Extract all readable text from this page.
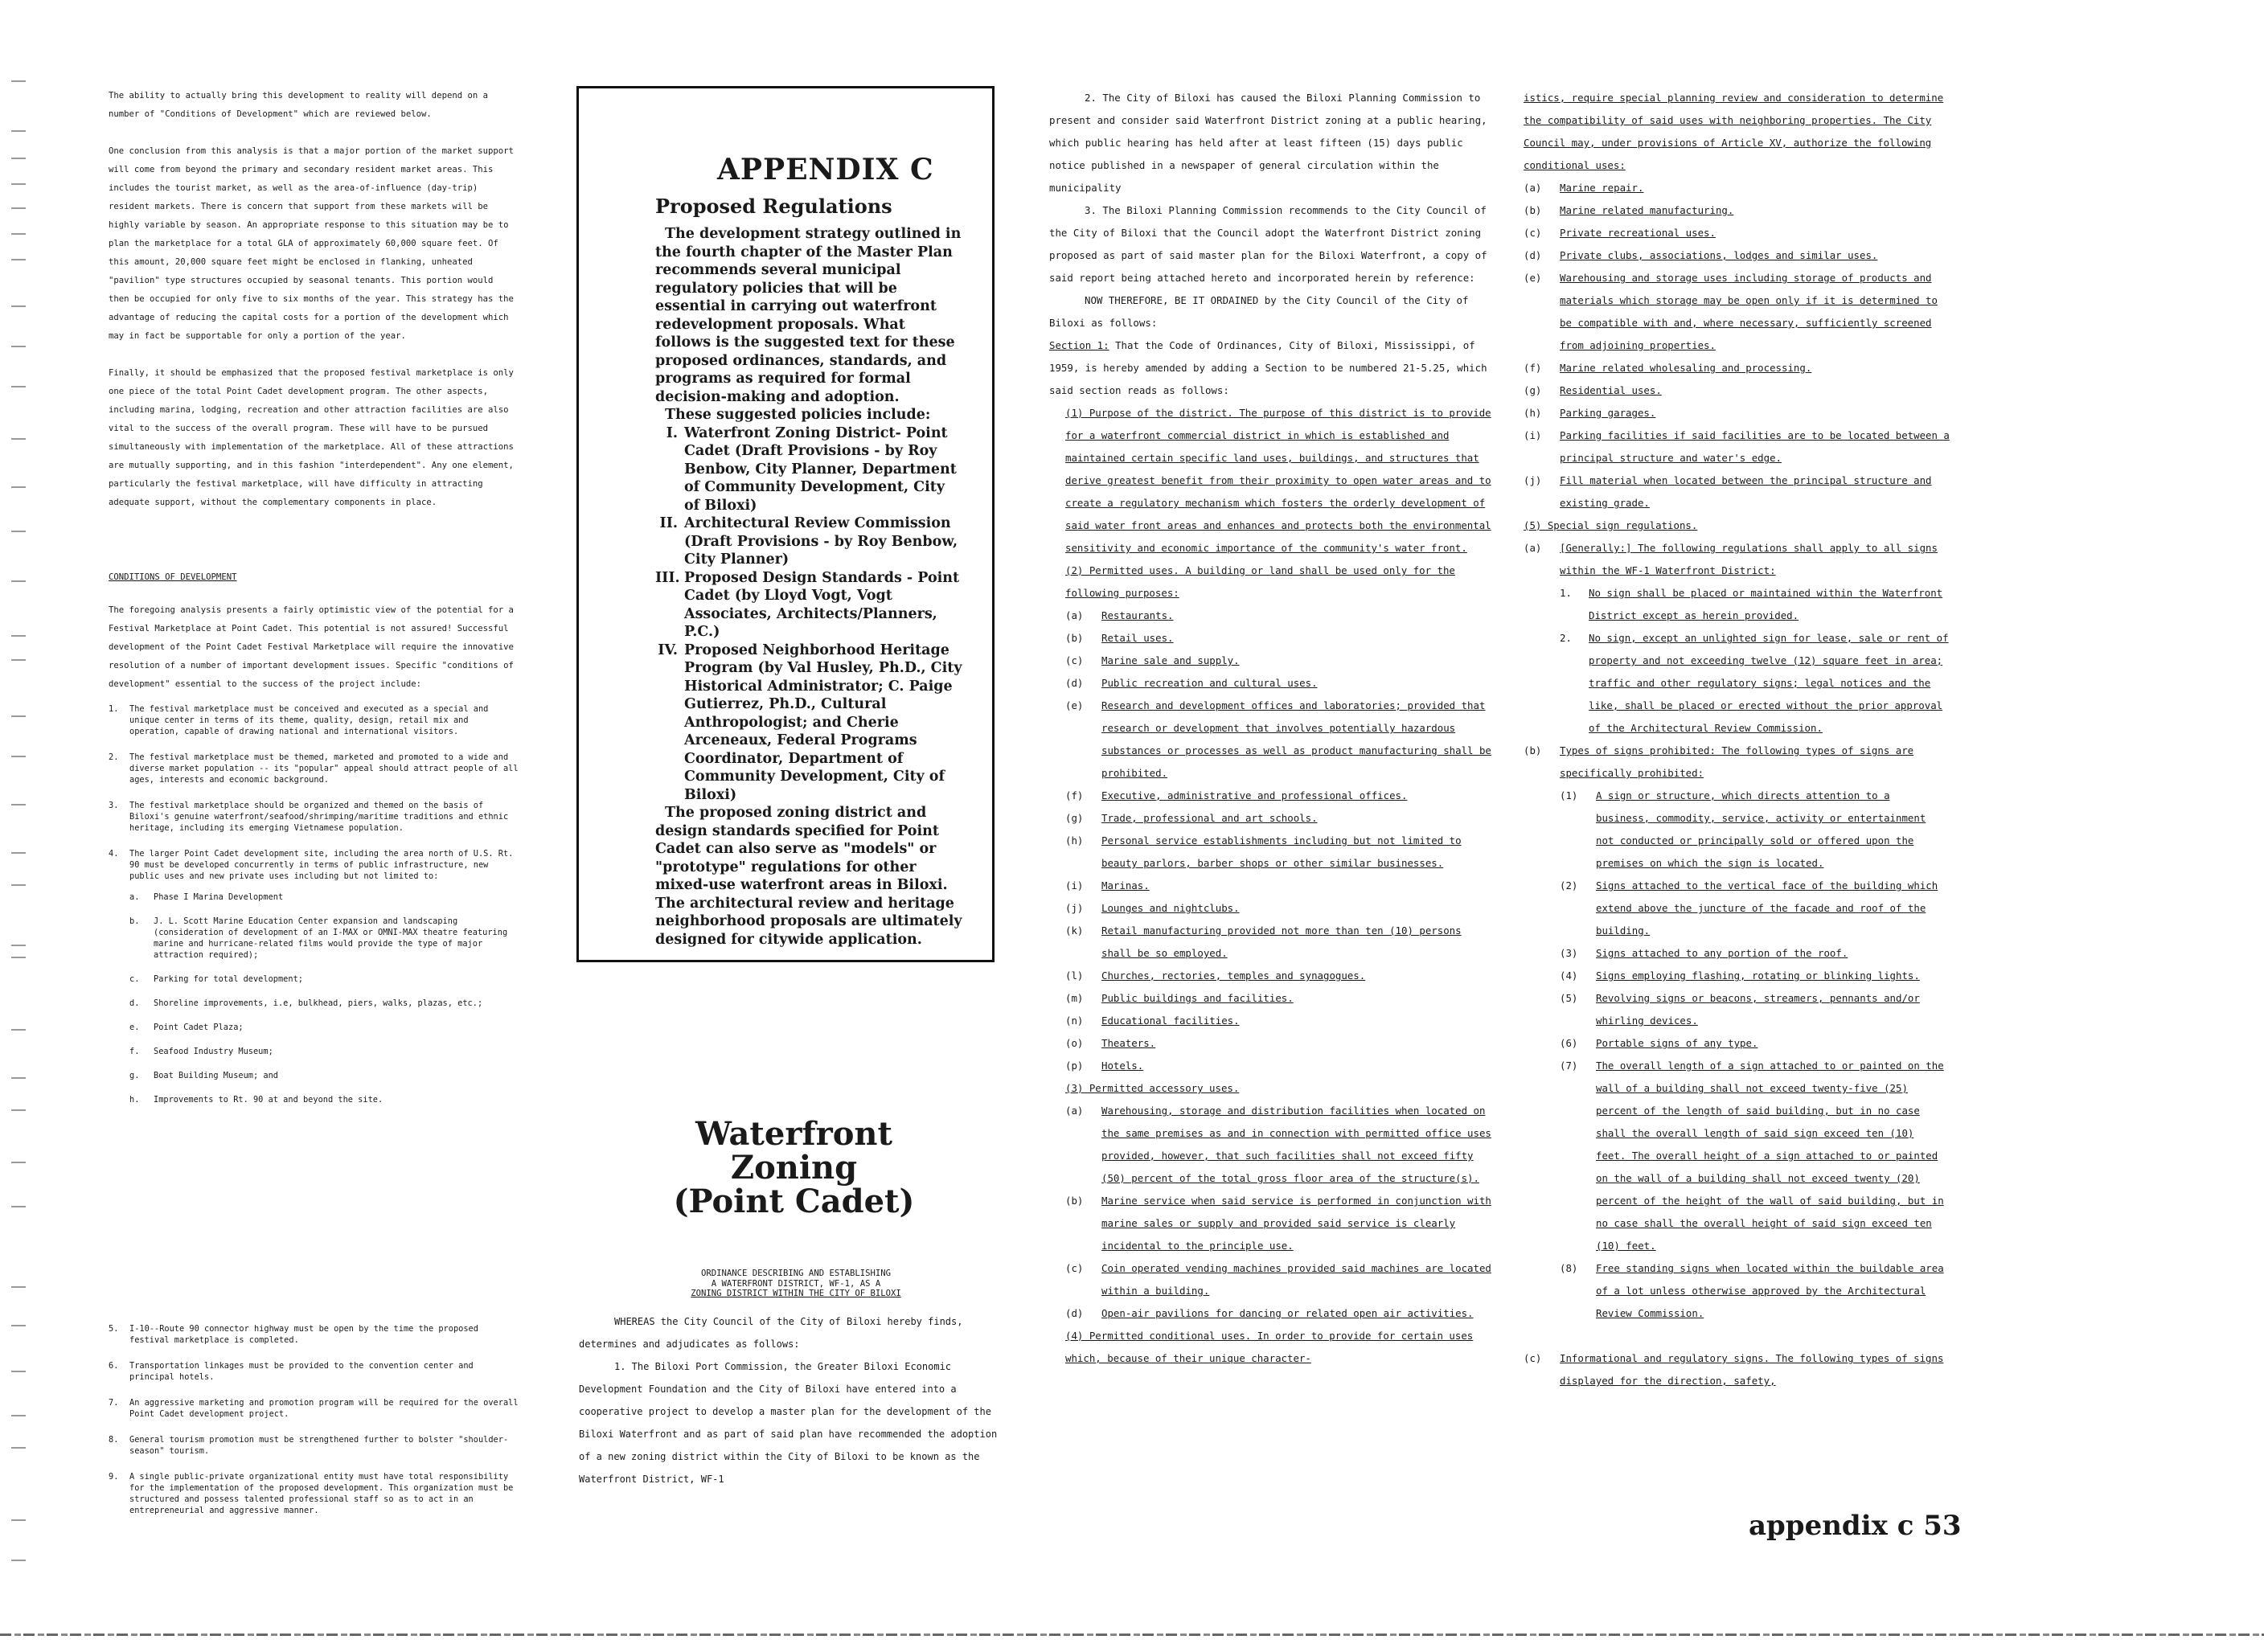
The ability to actually bring this development to reality will depend on a number of "Conditions of Development" which are reviewed below.

One conclusion from this analysis is that a major portion of the market support will come from beyond the primary and secondary resident market areas. This includes the tourist market, as well as the area-of-influence (day-trip) resident markets. There is concern that support from these markets will be highly variable by season. An appropriate response to this situation may be to plan the marketplace for a total GLA of approximately 60,000 square feet. Of this amount, 20,000 square feet might be enclosed in flanking, unheated "pavilion" type structures occupied by seasonal tenants. This portion would then be occupied for only five to six months of the year. This strategy has the advantage of reducing the capital costs for a portion of the development which may in fact be supportable for only a portion of the year.

Finally, it should be emphasized that the proposed festival marketplace is only one piece of the total Point Cadet development program. The other aspects, including marina, lodging, recreation and other attraction facilities are also vital to the success of the overall program. These will have to be pursued simultaneously with implementation of the marketplace. All of these attractions are mutually supporting, and in this fashion "interdependent". Any one element, particularly the festival marketplace, will have difficulty in attracting adequate support, without the complementary components in place.

CONDITIONS OF DEVELOPMENT

The foregoing analysis presents a fairly optimistic view of the potential for a Festival Marketplace at Point Cadet. This potential is not assured! Successful development of the Point Cadet Festival Marketplace will require the innovative resolution of a number of important development issues. Specific "conditions of development" essential to the success of the project include:

1.	The festival marketplace must be conceived and executed as a special and unique center in terms of its theme, quality, design, retail mix and operation, capable of drawing national and international visitors.
2.	The festival marketplace must be themed, marketed and promoted to a wide and diverse market population -- its "popular" appeal should attract people of all ages, interests and economic background.
3.	The festival marketplace should be organized and themed on the basis of Biloxi's genuine waterfront/seafood/shrimping/maritime traditions and ethnic heritage, including its emerging Vietnamese population.
4.	The larger Point Cadet development site, including the area north of U.S. Rt. 90 must be developed concurrently in terms of public infrastructure, new public uses and new private uses including but not limited to:
a.	Phase I Marina Development
b.	J. L. Scott Marine Education Center expansion and landscaping (consideration of development of an I-MAX or OMNI-MAX theatre featuring marine and hurricane-related films would provide the type of major attraction required);
c.	Parking for total development;
d.	Shoreline improvements, i.e, bulkhead, piers, walks, plazas, etc.;
e.	Point Cadet Plaza;
f.	Seafood Industry Museum;
g.	Boat Building Museum; and
h.	Improvements to Rt. 90 at and beyond the site.
5.	I-10--Route 90 connector highway must be open by the time the proposed festival marketplace is completed.
6.	Transportation linkages must be provided to the convention center and principal hotels.
7.	An aggressive marketing and promotion program will be required for the overall Point Cadet development project.
8.	General tourism promotion must be strengthened further to bolster "shoulder-season" tourism.
9.	A single public-private organizational entity must have total responsibility for the implementation of the proposed development. This organization must be structured and possess talented professional staff so as to act in an entrepreneurial and aggressive manner.
APPENDIX C
Proposed Regulations

The development strategy outlined in the fourth chapter of the Master Plan recommends several municipal regulatory policies that will be essential in carrying out waterfront redevelopment proposals. What follows is the suggested text for these proposed ordinances, standards, and programs as required for formal decision-making and adoption.

These suggested policies include:

I. Waterfront Zoning District- Point Cadet (Draft Provisions - by Roy Benbow, City Planner, Department of Community Development, City of Biloxi)
II. Architectural Review Commission (Draft Provisions - by Roy Benbow, City Planner)
III. Proposed Design Standards - Point Cadet (by Lloyd Vogt, Vogt Associates, Architects/Planners, P.C.)
IV. Proposed Neighborhood Heritage Program (by Val Husley, Ph.D., City Historical Administrator; C. Paige Gutierrez, Ph.D., Cultural Anthropologist; and Cherie Arceneaux, Federal Programs Coordinator, Department of Community Development, City of Biloxi)

The proposed zoning district and design standards specified for Point Cadet can also serve as "models" or "prototype" regulations for other mixed-use waterfront areas in Biloxi. The architectural review and heritage neighborhood proposals are ultimately designed for citywide application.

Waterfront
Zoning
(Point Cadet)
ORDINANCE DESCRIBING AND ESTABLISHING
A WATERFRONT DISTRICT, WF-1, AS A
ZONING DISTRICT WITHIN THE CITY OF BILOXI

WHEREAS the City Council of the City of Biloxi hereby finds, determines and adjudicates as follows:

1. The Biloxi Port Commission, the Greater Biloxi Economic Development Foundation and the City of Biloxi have entered into a cooperative project to develop a master plan for the development of the Biloxi Waterfront and as part of said plan have recommended the adoption of a new zoning district within the City of Biloxi to be known as the Waterfront District, WF-1

2. The City of Biloxi has caused the Biloxi Planning Commission to present and consider said Waterfront District zoning at a public hearing, which public hearing has held after at least fifteen (15) days public notice published in a newspaper of general circulation within the municipality

3. The Biloxi Planning Commission recommends to the City Council of the City of Biloxi that the Council adopt the Waterfront District zoning proposed as part of said master plan for the Biloxi Waterfront, a copy of said report being attached hereto and incorporated herein by reference:

NOW THEREFORE, BE IT ORDAINED by the City Council of the City of Biloxi as follows:

Section 1: That the Code of Ordinances, City of Biloxi, Mississippi, of 1959, is hereby amended by adding a Section to be numbered 21-5.25, which said section reads as follows:

(1) Purpose of the district. The purpose of this district is to provide for a waterfront commercial district in which is established and maintained certain specific land uses, buildings, and structures that derive greatest benefit from their proximity to open water areas and to create a regulatory mechanism which fosters the orderly development of said water front areas and enhances and protects both the environmental sensitivity and economic importance of the community's water front.

(2) Permitted uses. A building or land shall be used only for the following purposes:

(a)	Restaurants.
(b)	Retail uses.
(c)	Marine sale and supply.
(d)	Public recreation and cultural uses.
(e)	Research and development offices and laboratories; provided that research or development that involves potentially hazardous substances or processes as well as product manufacturing shall be prohibited.
(f)	Executive, administrative and professional offices.
(g)	Trade, professional and art schools.
(h)	Personal service establishments including but not limited to beauty parlors, barber shops or other similar businesses.
(i)	Marinas.
(j)	Lounges and nightclubs.
(k)	Retail manufacturing provided not more than ten (10) persons shall be so employed.
(l)	Churches, rectories, temples and synagogues.
(m)	Public buildings and facilities.
(n)	Educational facilities.
(o)	Theaters.
(p)	Hotels.

(3) Permitted accessory uses.

(a)	Warehousing, storage and distribution facilities when located on the same premises as and in connection with permitted office uses provided, however, that such facilities shall not exceed fifty (50) percent of the total gross floor area of the structure(s).
(b)	Marine service when said service is performed in conjunction with marine sales or supply and provided said service is clearly incidental to the principle use.
(c)	Coin operated vending machines provided said machines are located within a building.
(d)	Open-air pavilions for dancing or related open air activities.

(4) Permitted conditional uses. In order to provide for certain uses which, because of their unique character-

istics, require special planning review and consideration to determine the compatibility of said uses with neighboring properties. The City Council may, under provisions of Article XV, authorize the following conditional uses:

(a)	Marine repair.
(b)	Marine related manufacturing.
(c)	Private recreational uses.
(d)	Private clubs, associations, lodges and similar uses.
(e)	Warehousing and storage uses including storage of products and materials which storage may be open only if it is determined to be compatible with and, where necessary, sufficiently screened from adjoining properties.
(f)	Marine related wholesaling and processing.
(g)	Residential uses.
(h)	Parking garages.
(i)	Parking facilities if said facilities are to be located between a principal structure and water's edge.
(j)	Fill material when located between the principal structure and existing grade.

(5) Special sign regulations.

(a)	[Generally:] The following regulations shall apply to all signs within the WF-1 Waterfront District:
1.	No sign shall be placed or maintained within the Waterfront District except as herein provided.
2.	No sign, except an unlighted sign for lease, sale or rent of property and not exceeding twelve (12) square feet in area; traffic and other regulatory signs; legal notices and the like, shall be placed or erected without the prior approval of the Architectural Review Commission.
(b)	Types of signs prohibited: The following types of signs are specifically prohibited:
(1)	A sign or structure, which directs attention to a business, commodity, service, activity or entertainment not conducted or principally sold or offered upon the premises on which the sign is located.
(2)	Signs attached to the vertical face of the building which extend above the juncture of the facade and roof of the building.
(3)	Signs attached to any portion of the roof.
(4)	Signs employing flashing, rotating or blinking lights.
(5)	Revolving signs or beacons, streamers, pennants and/or whirling devices.
(6)	Portable signs of any type.
(7)	The overall length of a sign attached to or painted on the wall of a building shall not exceed twenty-five (25) percent of the length of said building, but in no case shall the overall length of said sign exceed ten (10) feet. The overall height of a sign attached to or painted on the wall of a building shall not exceed twenty (20) percent of the height of the wall of said building, but in no case shall the overall height of said sign exceed ten (10) feet.
(8)	Free standing signs when located within the buildable area of a lot unless otherwise approved by the Architectural Review Commission.
(c)	Informational and regulatory signs. The following types of signs displayed for the direction, safety,
appendix c 53
